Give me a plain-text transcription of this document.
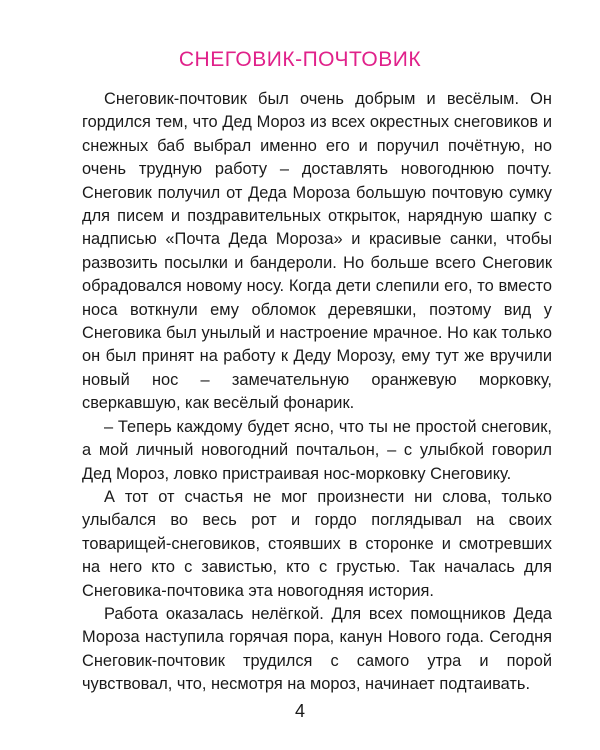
СНЕГОВИК-ПОЧТОВИК

Снеговик-почтовик был очень добрым и весёлым. Он гордился тем, что Дед Мороз из всех окрестных снеговиков и снежных баб выбрал именно его и поручил почётную, но очень трудную работу – доставлять новогоднюю почту. Снеговик получил от Деда Мороза большую почтовую сумку для писем и поздравительных открыток, нарядную шапку с надписью «Почта Деда Мороза» и красивые санки, чтобы развозить посылки и бандероли. Но больше всего Снеговик обрадовался новому носу. Когда дети слепили его, то вместо носа воткнули ему обломок деревяшки, поэтому вид у Снеговика был унылый и настроение мрачное. Но как только он был принят на работу к Деду Морозу, ему тут же вручили новый нос – замечательную оранжевую морковку, сверкавшую, как весёлый фонарик.

– Теперь каждому будет ясно, что ты не простой снеговик, а мой личный новогодний почтальон, – с улыбкой говорил Дед Мороз, ловко пристраивая нос-морковку Снеговику.

А тот от счастья не мог произнести ни слова, только улыбался во весь рот и гордо поглядывал на своих товарищей-снеговиков, стоявших в сторонке и смотревших на него кто с завистью, кто с грустью. Так началась для Снеговика-почтовика эта новогодняя история.

Работа оказалась нелёгкой. Для всех помощников Деда Мороза наступила горячая пора, канун Нового года. Сегодня Снеговик-почтовик трудился с самого утра и порой чувствовал, что, несмотря на мороз, начинает подтаивать.

4
